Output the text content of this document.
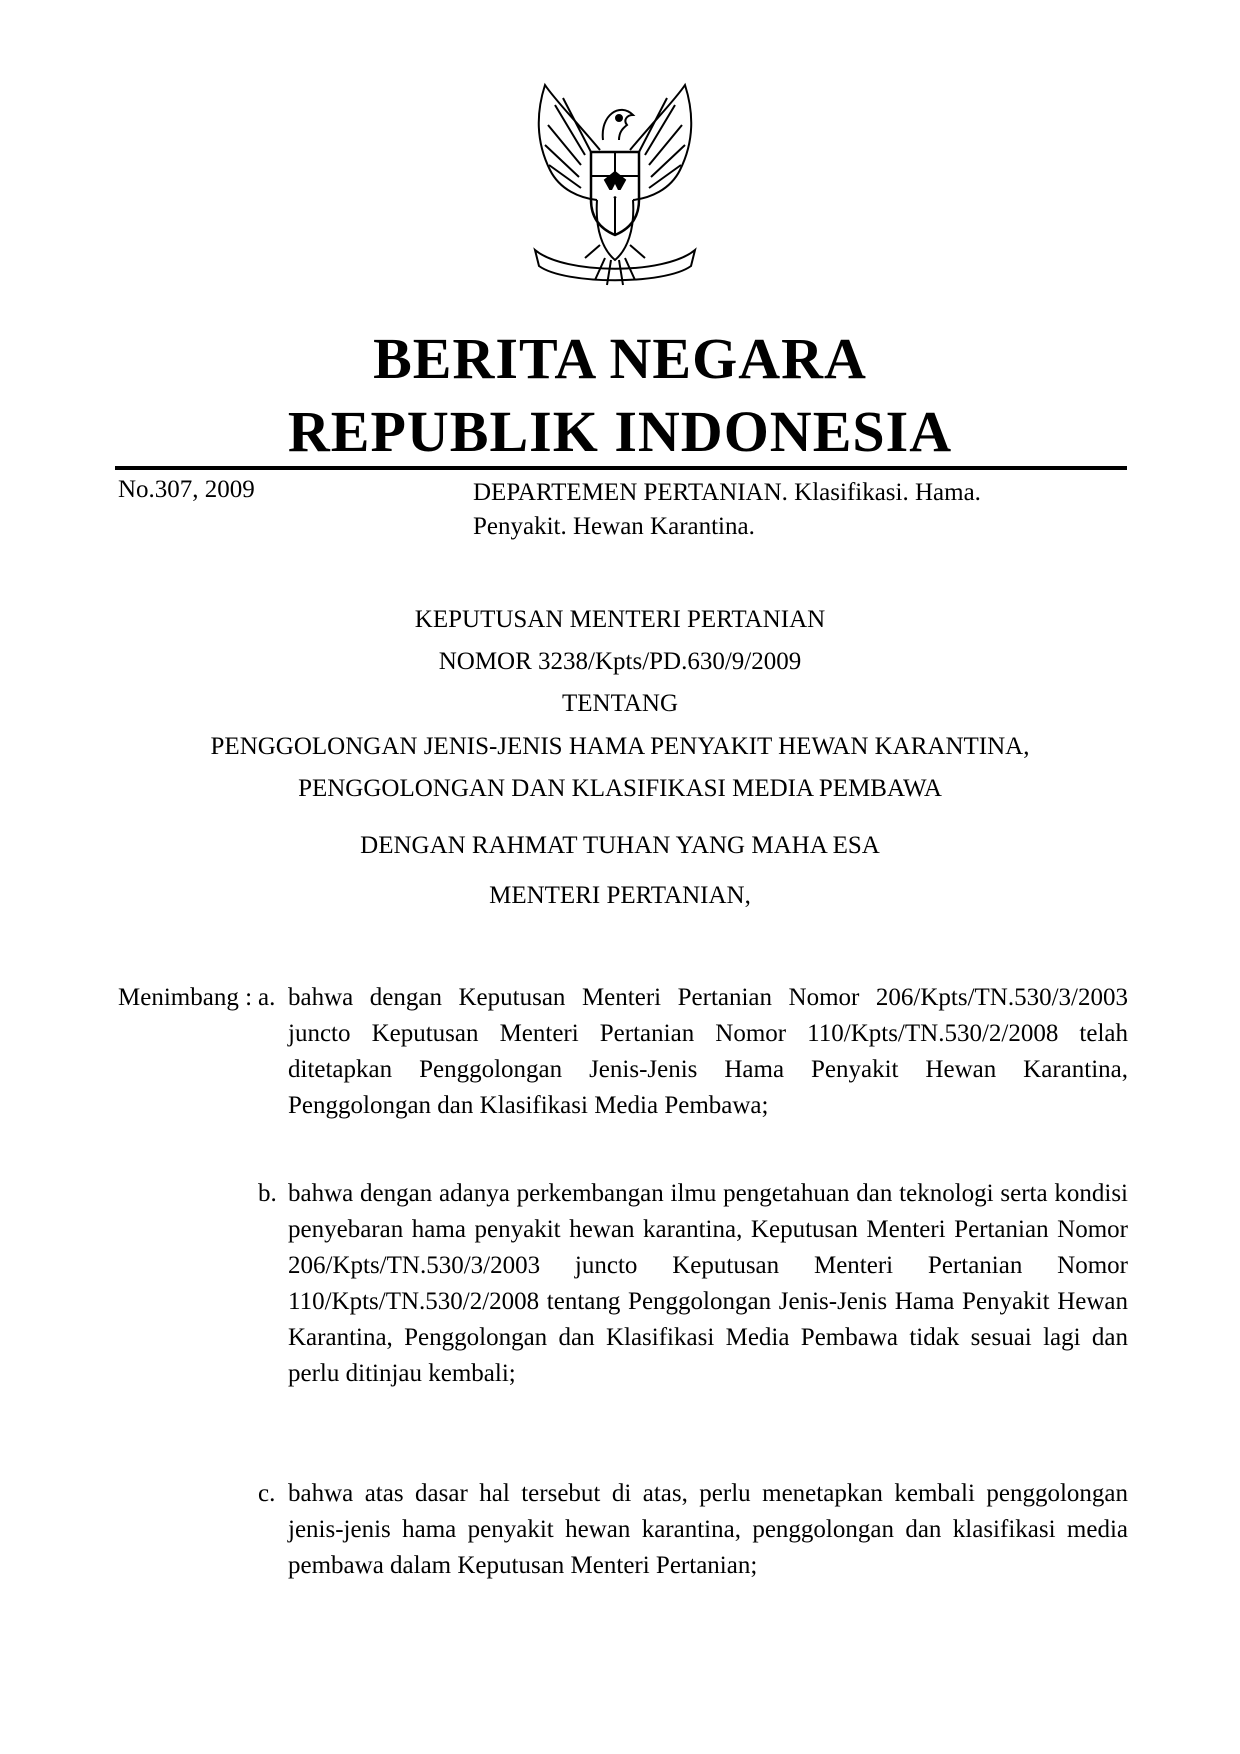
BERITA NEGARA
REPUBLIK INDONESIA
No.307, 2009	DEPARTEMEN PERTANIAN. Klasifikasi. Hama.
Penyakit. Hewan Karantina.

KEPUTUSAN MENTERI PERTANIAN

NOMOR 3238/Kpts/PD.630/9/2009

TENTANG

PENGGOLONGAN JENIS-JENIS HAMA PENYAKIT HEWAN KARANTINA,

PENGGOLONGAN DAN KLASIFIKASI MEDIA PEMBAWA

DENGAN RAHMAT TUHAN YANG MAHA ESA

MENTERI PERTANIAN,

Menimbang : a. bahwa dengan Keputusan Menteri Pertanian Nomor 206/Kpts/TN.530/3/2003 juncto Keputusan Menteri Pertanian Nomor 110/Kpts/TN.530/2/2008 telah ditetapkan Penggolongan Jenis-Jenis Hama Penyakit Hewan Karantina, Penggolongan dan Klasifikasi Media Pembawa;
b. bahwa dengan adanya perkembangan ilmu pengetahuan dan teknologi serta kondisi penyebaran hama penyakit hewan karantina, Keputusan Menteri Pertanian Nomor 206/Kpts/TN.530/3/2003 juncto Keputusan Menteri Pertanian Nomor 110/Kpts/TN.530/2/2008 tentang Penggolongan Jenis-Jenis Hama Penyakit Hewan Karantina, Penggolongan dan Klasifikasi Media Pembawa tidak sesuai lagi dan perlu ditinjau kembali;
c. bahwa atas dasar hal tersebut di atas, perlu menetapkan kembali penggolongan jenis-jenis hama penyakit hewan karantina, penggolongan dan klasifikasi media pembawa dalam Keputusan Menteri Pertanian;
